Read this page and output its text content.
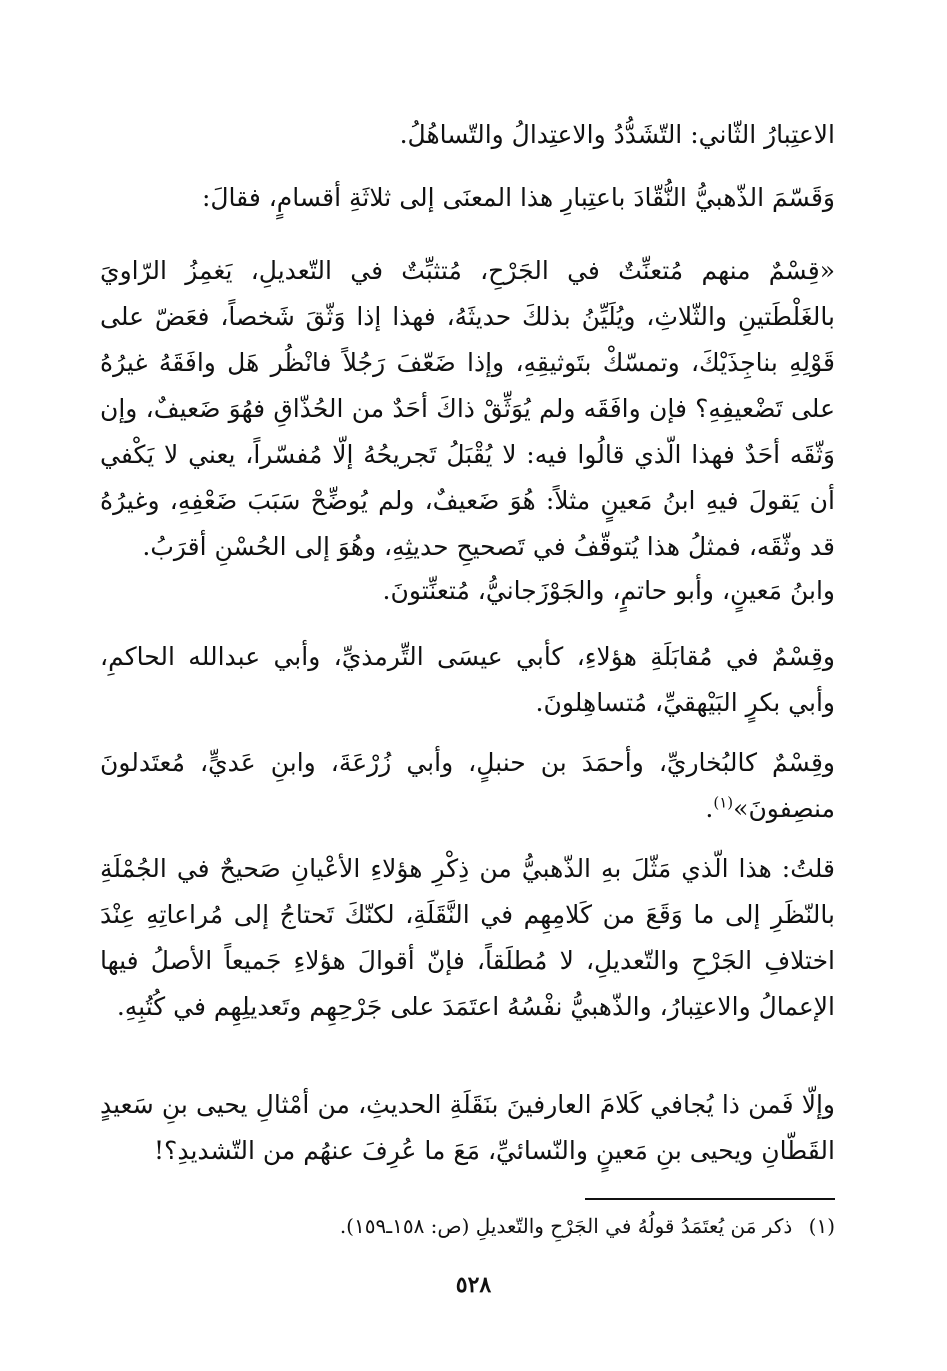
الاعتِبارُ الثّاني: التّشَدُّدُ والاعتِدالُ والتّساهُلُ.
وَقَسّمَ الذّهبيُّ النُّقّادَ باعتِبارِ هذا المعنَى إلى ثلاثَةِ أقسامٍ، فقالَ:
«قِسْمٌ منهم مُتعنِّتٌ في الجَرْحِ، مُتثبِّتٌ في التّعديلِ، يَغمِزُ الرّاويَ بالغَلْطَتينِ والثّلاثِ، ويُلَيِّنُ بذلكَ حديثَهُ، فهذا إذا وَثّقَ شَخصاً، فعَضّ على قَوْلِهِ بناجِذَيْكَ، وتمسّكْ بتَوثيقِهِ، وإذا ضَعّفَ رَجُلاً فانْظُر هَل وافَقَهُ غيرُهُ على تَضْعيفِهِ؟ فإن وافَقَه ولم يُوَثِّقْ ذاكَ أحَدٌ من الحُذّاقِ فهُوَ ضَعيفٌ، وإن وَثّقَه أحَدٌ فهذا الّذي قالُوا فيه: لا يُقْبَلُ تَجريحُهُ إلّا مُفسّراً، يعني لا يَكْفي أن يَقولَ فيهِ ابنُ مَعينٍ مثلاً: هُوَ ضَعيفٌ، ولم يُوضِّحْ سَبَبَ ضَعْفِهِ، وغيرُهُ قد وثّقَه، فمثلُ هذا يُتوقّفُ في تَصحيحِ حديثِهِ، وهُوَ إلى الحُسْنِ أقرَبُ.
وابنُ مَعينٍ، وأبو حاتمٍ، والجَوْزَجانيُّ، مُتعنِّتونَ.
وقِسْمٌ في مُقابَلَةِ هؤلاءِ، كأبي عيسَى التِّرمذيِّ، وأبي عبدالله الحاكمِ، وأبي بكرٍ البَيْهقيِّ، مُتساهِلونَ.
وقِسْمٌ كالبُخاريِّ، وأحمَدَ بن حنبلٍ، وأبي زُرْعَةَ، وابنِ عَديٍّ، مُعتَدلونَ منصِفونَ»$^{(١)}$.
قلتُ: هذا الّذي مَثّلَ بهِ الذّهبيُّ من ذِكْرِ هؤلاءِ الأعْيانِ صَحيحٌ في الجُمْلَةِ بالنّظَرِ إلى ما وَقَعَ من كَلامِهِم في النَّقَلَةِ، لكنّكَ تَحتاجُ إلى مُراعاتِهِ عِنْدَ اختلافِ الجَرْحِ والتّعديلِ، لا مُطلَقاً، فإنّ أقوالَ هؤلاءِ جَميعاً الأصلُ فيها الإعمالُ والاعتِبارُ، والذّهبيُّ نفْسُهُ اعتَمَدَ على جَرْحِهِم وتَعديلِهِم في كُتُبِهِ.
وإلّا فَمن ذا يُجافي كَلامَ العارفينَ بنَقَلَةِ الحديثِ، من أمْثالِ يحيى بنِ سَعيدٍ القَطّانِ ويحيى بنِ مَعينٍ والنّسائيِّ، مَعَ ما عُرِفَ عنهُم من التّشديدِ؟!
(١) ذكر مَن يُعتَمَدُ قولُهُ في الجَرْحِ والتّعديلِ (ص: ١٥٨ـ١٥٩).
٥٢٨
